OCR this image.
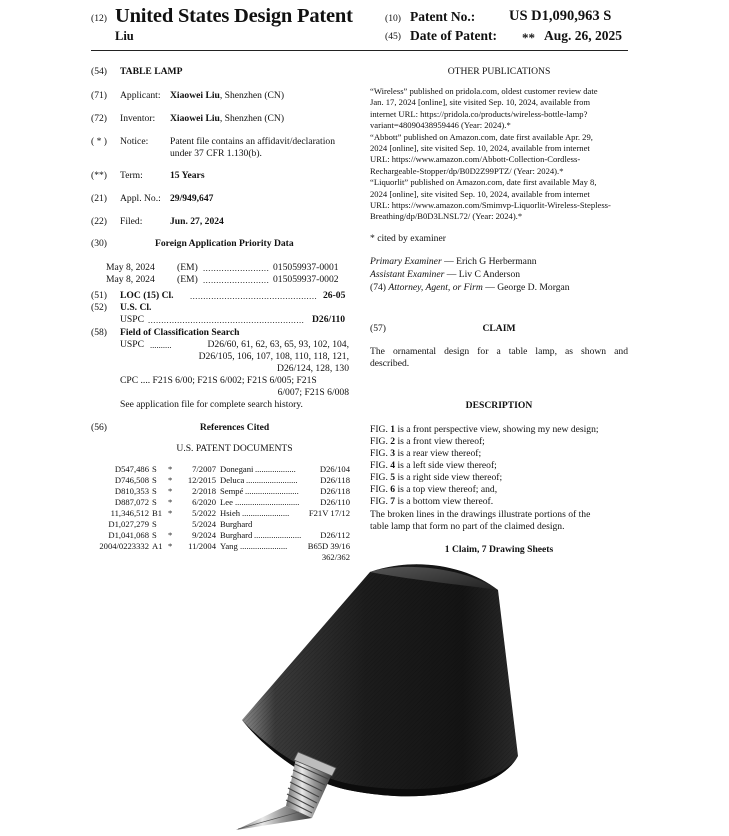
(12) United States Design Patent
Liu
(10) Patent No.: US D1,090,963 S
(45) Date of Patent: ** Aug. 26, 2025
(54) TABLE LAMP
(71) Applicant: Xiaowei Liu, Shenzhen (CN)
(72) Inventor: Xiaowei Liu, Shenzhen (CN)
( * ) Notice: Patent file contains an affidavit/declaration
under 37 CFR 1.130(b).
(**) Term:	15 Years
(21) Appl. No.: 29/949,647
(22) Filed:	Jun. 27, 2024
(30)	Foreign Application Priority Data
May 8, 2024 (EM) ......................... 015059937-0001
May 8, 2024 (EM) ......................... 015059937-0002
(51) LOC (15) Cl. ................................................ 26-05
(52) U.S. Cl.
USPC ........................................................... D26/110
(58) Field of Classification Search
USPC ..........	D26/60, 61, 62, 63, 65, 93, 102, 104,
D26/105, 106, 107, 108, 110, 118, 121,
D26/124, 128, 130
CPC .... F21S 6/00; F21S 6/002; F21S 6/005; F21S
6/007; F21S 6/008
See application file for complete search history.
(56)	References Cited
U.S. PATENT DOCUMENTS
D547,486 S	*	7/2007 Donegani ...................	D26/104
D746,508 S	*	12/2015 Deluca ........................	D26/118
D810,353 S	*	2/2018 Sempé .........................	D26/118
D887,072 S	*	6/2020 Lee ..............................	D26/110
11,346,512 B1 *	5/2022 Hsieh ......................	F21V 17/12
D1,027,279 S	5/2024 Burghard
D1,041,068 S	*	9/2024 Burghard ......................	D26/112
2004/0223332 A1 *	11/2004 Yang ......................	B65D 39/16
362/362
OTHER PUBLICATIONS
“Wireless” published on pridola.com, oldest customer review date
Jan. 17, 2024 [online], site visited Sep. 10, 2024, available from
internet URL: https://pridola.co/products/wireless-bottle-lamp?
variant=48090438959446 (Year: 2024).*
“Abbott” published on Amazon.com, date first available Apr. 29,
2024 [online], site visited Sep. 10, 2024, available from internet
URL: https://www.amazon.com/Abbott-Collection-Cordless-
Rechargeable-Stopper/dp/B0D2Z99PTZ/ (Year: 2024).*
“Liquorlit” published on Amazon.com, date first available May 8,
2024 [online], site visited Sep. 10, 2024, available from internet
URL: https://www.amazon.com/Smimvp-Liquorlit-Wireless-Stepless-
Breathing/dp/B0D3LNSL72/ (Year: 2024).*
* cited by examiner
Primary Examiner — Erich G Herbermann
Assistant Examiner — Liv C Anderson
(74) Attorney, Agent, or Firm — George D. Morgan
(57)	CLAIM
The ornamental design for a table lamp, as shown and
described.
DESCRIPTION
FIG. 1 is a front perspective view, showing my new design;
FIG. 2 is a front view thereof;
FIG. 3 is a rear view thereof;
FIG. 4 is a left side view thereof;
FIG. 5 is a right side view thereof;
FIG. 6 is a top view thereof; and,
FIG. 7 is a bottom view thereof.
The broken lines in the drawings illustrate portions of the
table lamp that form no part of the claimed design.
1 Claim, 7 Drawing Sheets
